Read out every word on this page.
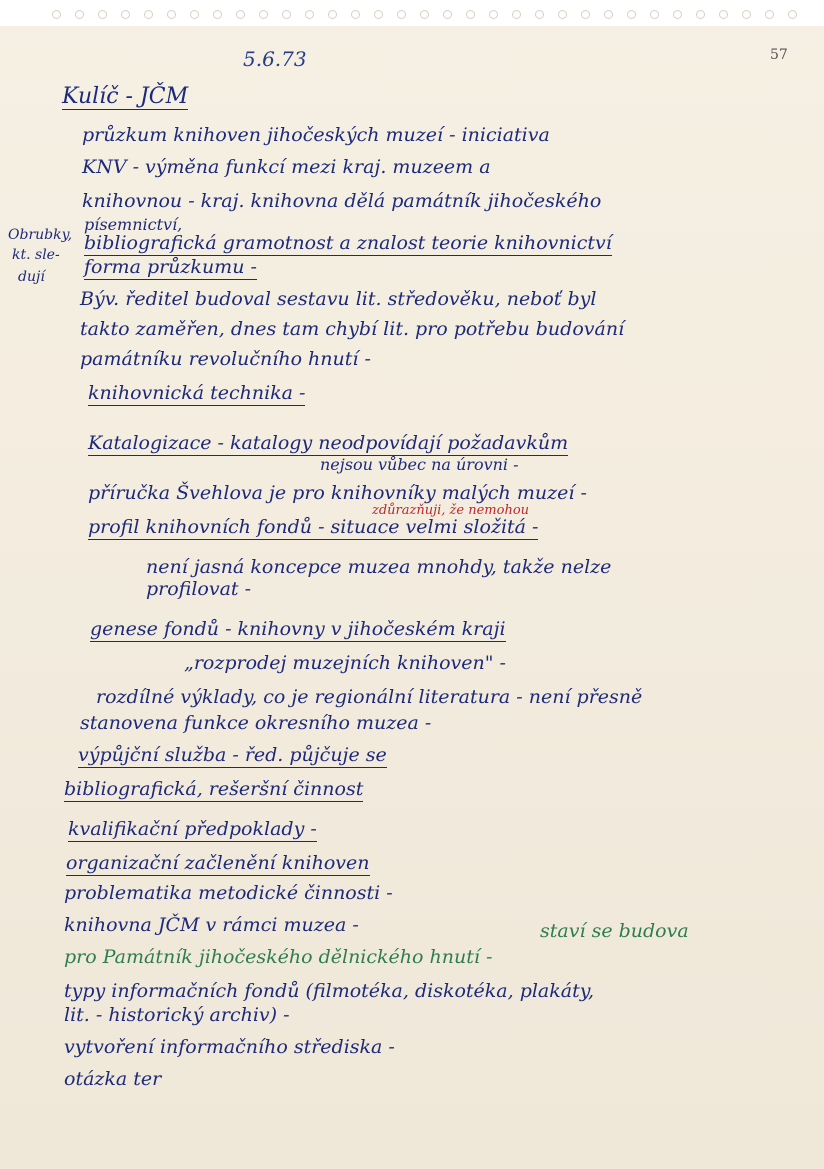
5.6.73	57
Kulíč - JČM
Obrubky,
kt. sle-
dují
průzkum knihoven jihočeských muzeí - iniciativa
KNV - výměna funkcí mezi kraj. muzeem a
knihovnou - kraj. knihovna dělá památník jihočeského
písemnictví,
bibliografická gramotnost a znalost teorie knihovnictví
forma průzkumu -
Býv. ředitel budoval sestavu lit. středověku, neboť byl
takto zaměřen, dnes tam chybí lit. pro potřebu budování
památníku revolučního hnutí -
knihovnická technika -
Katalogizace - katalogy neodpovídají požadavkům
nejsou vůbec na úrovni -
příručka Švehlova je pro knihovníky malých muzeí -
zdůrazňuji, že nemohou
profil knihovních fondů - situace velmi složitá -
není jasná koncepce muzea mnohdy, takže nelze
profilovat -
genese fondů - knihovny v jihočeském kraji
„rozprodej muzejních knihoven" -
rozdílné výklady, co je regionální literatura - není přesně
stanovena funkce okresního muzea -
výpůjční služba - řed. půjčuje se
bibliografická, rešeršní činnost
kvalifikační předpoklady -
organizační začlenění knihoven
problematika metodické činnosti -
knihovna JČM v rámci muzea -	staví se budova
pro Památník jihočeského dělnického hnutí -
typy informačních fondů (filmotéka, diskotéka, plakáty,
lit. - historický archiv) -
vytvoření informačního střediska -
otázka ter
